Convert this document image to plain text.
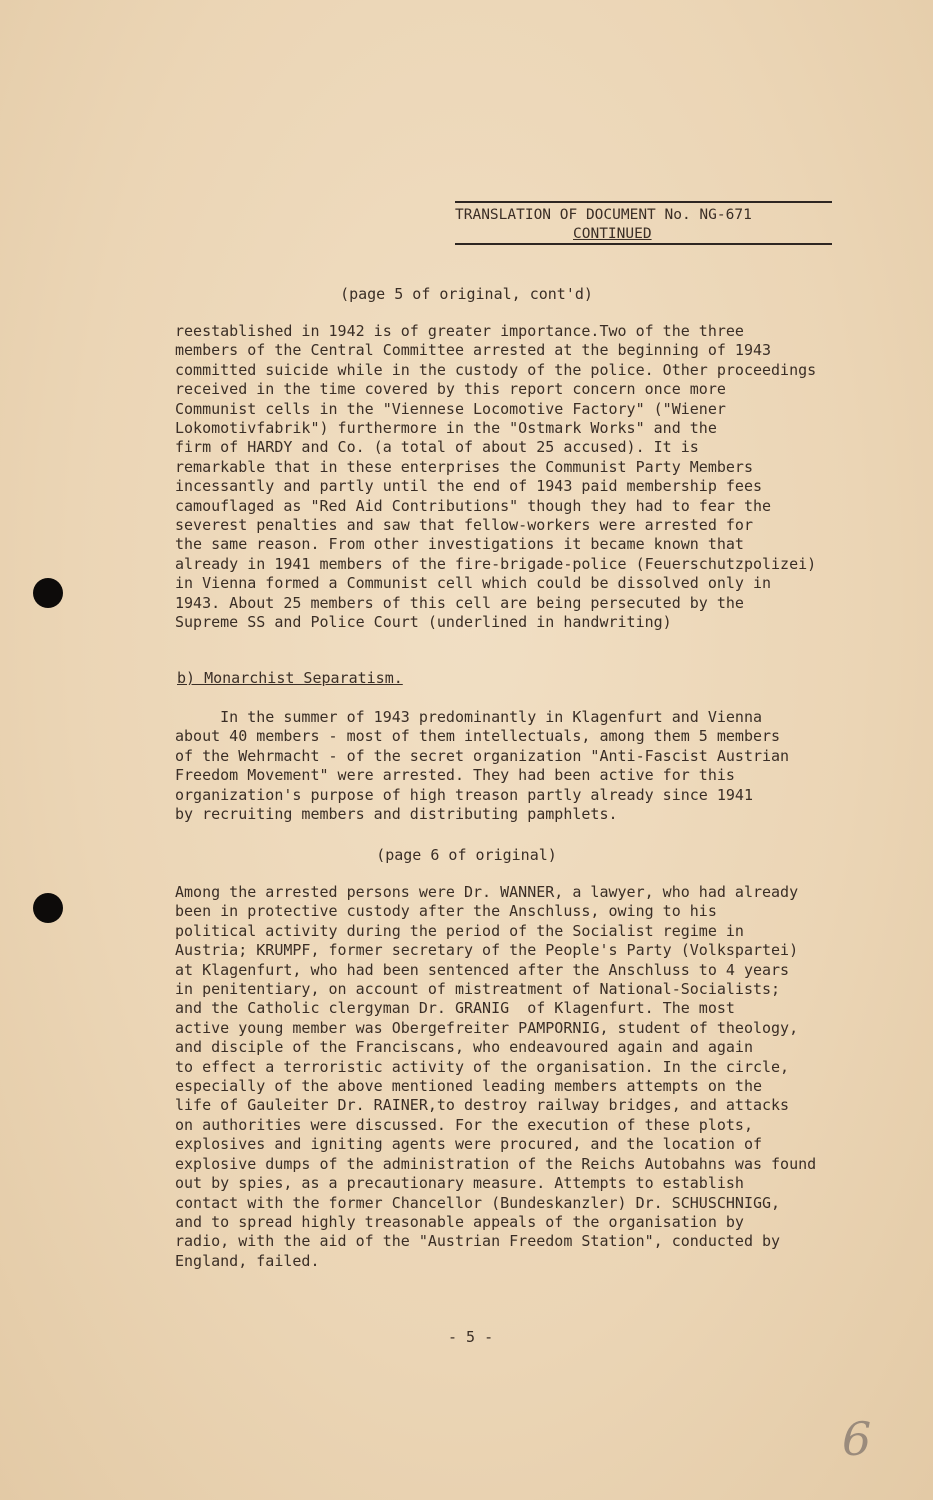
TRANSLATION OF DOCUMENT No. NG-671
CONTINUED
(page 5 of original, cont'd)
reestablished in 1942 is of greater importance.Two of the three
members of the Central Committee arrested at the beginning of 1943
committed suicide while in the custody of the police. Other proceedings
received in the time covered by this report concern once more
Communist cells in the "Viennese Locomotive Factory" ("Wiener
Lokomotivfabrik") furthermore in the "Ostmark Works" and the
firm of HARDY and Co. (a total of about 25 accused). It is
remarkable that in these enterprises the Communist Party Members
incessantly and partly until the end of 1943 paid membership fees
camouflaged as "Red Aid Contributions" though they had to fear the
severest penalties and saw that fellow-workers were arrested for
the same reason. From other investigations it became known that
already in 1941 members of the fire-brigade-police (Feuerschutzpolizei)
in Vienna formed a Communist cell which could be dissolved only in
1943. About 25 members of this cell are being persecuted by the
Supreme SS and Police Court (underlined in handwriting)
b) Monarchist Separatism.
In the summer of 1943 predominantly in Klagenfurt and Vienna
about 40 members - most of them intellectuals, among them 5 members
of the Wehrmacht - of the secret organization "Anti-Fascist Austrian
Freedom Movement" were arrested. They had been active for this
organization's purpose of high treason partly already since 1941
by recruiting members and distributing pamphlets.
(page 6 of original)
Among the arrested persons were Dr. WANNER, a lawyer, who had already
been in protective custody after the Anschluss, owing to his
political activity during the period of the Socialist regime in
Austria; KRUMPF, former secretary of the People's Party (Volkspartei)
at Klagenfurt, who had been sentenced after the Anschluss to 4 years
in penitentiary, on account of mistreatment of National-Socialists;
and the Catholic clergyman Dr. GRANIG  of Klagenfurt. The most
active young member was Obergefreiter PAMPORNIG, student of theology,
and disciple of the Franciscans, who endeavoured again and again
to effect a terroristic activity of the organisation. In the circle,
especially of the above mentioned leading members attempts on the
life of Gauleiter Dr. RAINER,to destroy railway bridges, and attacks
on authorities were discussed. For the execution of these plots,
explosives and igniting agents were procured, and the location of
explosive dumps of the administration of the Reichs Autobahns was found
out by spies, as a precautionary measure. Attempts to establish
contact with the former Chancellor (Bundeskanzler) Dr. SCHUSCHNIGG,
and to spread highly treasonable appeals of the organisation by
radio, with the aid of the "Austrian Freedom Station", conducted by
England, failed.
- 5 -
6
